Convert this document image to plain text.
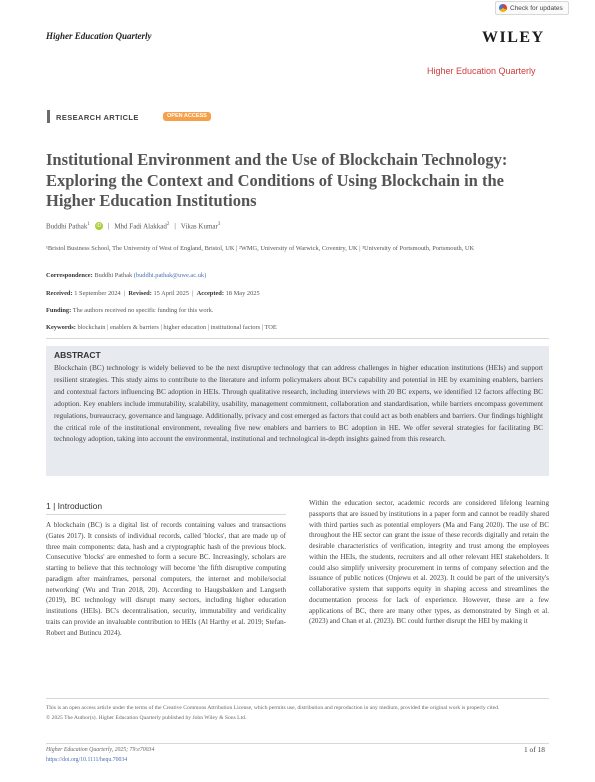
Higher Education Quarterly
Check for updates
WILEY
Higher Education Quarterly
RESEARCH ARTICLE	OPEN ACCESS
Institutional Environment and the Use of Blockchain Technology: Exploring the Context and Conditions of Using Blockchain in the Higher Education Institutions
Buddhi Pathak$^1$	iD | Mhd Fadi Alakkad$^2$ | Vikas Kumar$^3$
¹Bristol Business School, The University of West of England, Bristol, UK | ²WMG, University of Warwick, Coventry, UK | ³University of Portsmouth, Portsmouth, UK
Correspondence: Buddhi Pathak (buddhi.pathak@uwe.ac.uk)
Received: 1 September 2024  |  Revised: 15 April 2025  |  Accepted: 18 May 2025
Funding: The authors received no specific funding for this work.
Keywords: blockchain | enablers & barriers | higher education | institutional factors | TOE
ABSTRACT
Blockchain (BC) technology is widely believed to be the next disruptive technology that can address challenges in higher education institutions (HEIs) and support resilient strategies. This study aims to contribute to the literature and inform policymakers about BC's capability and potential in HE by examining enablers, barriers and contextual factors influencing BC adoption in HEIs. Through qualitative research, including interviews with 20 BC experts, we identified 12 factors affecting BC adoption. Key enablers include immutability, scalability, usability, management commitment, collaboration and standardisation, while barriers encompass government regulations, bureaucracy, governance and language. Additionally, privacy and cost emerged as factors that could act as both enablers and barriers. Our findings highlight the critical role of the institutional environment, revealing five new enablers and barriers to BC adoption in HE. We offer several strategies for facilitating BC technology adoption, taking into account the environmental, institutional and technological in-depth insights gained from this research.
1 | Introduction
A blockchain (BC) is a digital list of records containing values and transactions (Gates 2017). It consists of individual records, called 'blocks', that are made up of three main components: data, hash and a cryptographic hash of the previous block. Consecutive 'blocks' are enmeshed to form a secure BC. Increasingly, scholars are starting to believe that this technology will become 'the fifth disruptive computing paradigm after mainframes, personal computers, the internet and mobile/social networking' (Wu and Tran 2018, 20). According to Haugsbakken and Langseth (2019), BC technology will disrupt many sectors, including higher education institutions (HEIs). BC's decentralisation, security, immutability and veridicality traits can provide an invaluable contribution to HEIs (Al Harthy et al. 2019; Stefan-Robert and Butincu 2024).
Within the education sector, academic records are considered lifelong learning passports that are issued by institutions in a paper form and cannot be readily shared with third parties such as potential employers (Ma and Fang 2020). The use of BC throughout the HE sector can grant the issue of these records digitally and retain the desirable characteristics of verification, integrity and trust among the employees within the HEIs, the students, recruiters and all other relevant HEI stakeholders. It could also simplify university procurement in terms of company selection and the issuance of public notices (Onjewu et al. 2023). It could be part of the university's collaborative system that supports equity in shaping access and streamlines the documentation process for lack of experience. However, these are a few applications of BC, there are many other types, as demonstrated by Singh et al. (2023) and Chan et al. (2023). BC could further disrupt the HEI by making it
This is an open access article under the terms of the Creative Commons Attribution License, which permits use, distribution and reproduction in any medium, provided the original work is properly cited.
© 2025 The Author(s). Higher Education Quarterly published by John Wiley & Sons Ltd.
Higher Education Quarterly, 2025; 79:e70034
https://doi.org/10.1111/hequ.70034
1 of 18
